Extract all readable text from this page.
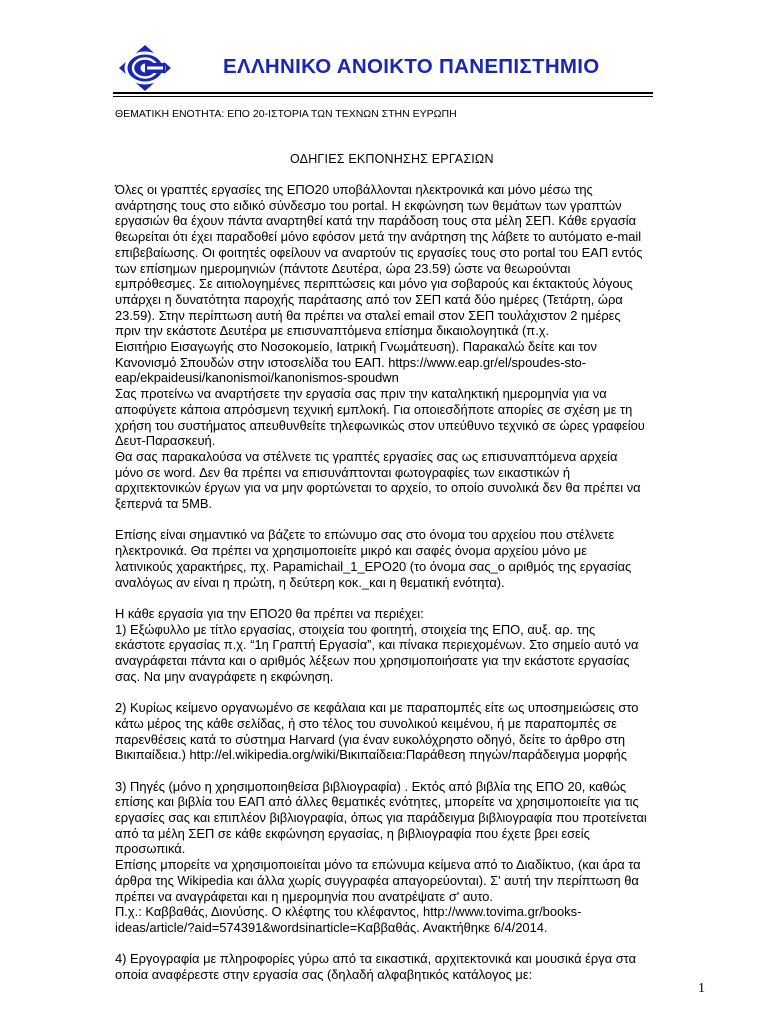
ΕΛΛΗΝΙΚΟ ΑΝΟΙΚΤΟ ΠΑΝΕΠΙΣΤΗΜΙΟ
ΘΕΜΑΤΙΚΗ ΕΝΟΤΗΤΑ: ΕΠΟ 20-ΙΣΤΟΡΙΑ ΤΩΝ ΤΕΧΝΩΝ ΣΤΗΝ ΕΥΡΩΠΗ
ΟΔΗΓΙΕΣ ΕΚΠΟΝΗΣΗΣ ΕΡΓΑΣΙΩΝ

Όλες οι γραπτές εργασίες της ΕΠΟ20 υποβάλλονται ηλεκτρονικά και μόνο μέσω της
ανάρτησης τους στο ειδικό σύνδεσμο του portal. Η εκφώνηση των θεμάτων των γραπτών
εργασιών θα έχουν πάντα αναρτηθεί κατά την παράδοση τους στα μέλη ΣΕΠ. Κάθε εργασία
θεωρείται ότι έχει παραδοθεί μόνο εφόσον μετά την ανάρτηση της λάβετε το αυτόματο e-mail
επιβεβαίωσης. Οι φοιτητές οφείλουν να αναρτούν τις εργασίες τους στο portal του ΕΑΠ εντός
των επίσημων ημερομηνιών (πάντοτε Δευτέρα, ώρα 23.59) ώστε να θεωρούνται
εμπρόθεσμες. Σε αιτιολογημένες περιπτώσεις και μόνο για σοβαρούς και έκτακτούς λόγους
υπάρχει η δυνατότητα παροχής παράτασης από τον ΣΕΠ κατά δύο ημέρες (Τετάρτη, ώρα
23.59). Στην περίπτωση αυτή θα πρέπει να σταλεί email στον ΣΕΠ τουλάχιστον 2 ημέρες
πριν την εκάστοτε Δευτέρα με επισυναπτόμενα επίσημα δικαιολογητικά (π.χ.
Εισιτήριο Εισαγωγής στο Νοσοκομείο, Ιατρική Γνωμάτευση). Παρακαλώ δείτε και τον
Κανονισμό Σπουδών στην ιστοσελίδα του ΕΑΠ. https://www.eap.gr/el/spoudes-sto-
eap/ekpaideusi/kanonismoi/kanonismos-spoudwn
Σας προτείνω να αναρτήσετε την εργασία σας πριν την καταληκτική ημερομηνία για να
αποφύγετε κάποια απρόσμενη τεχνική εμπλοκή. Για οποιεσδήποτε απορίες σε σχέση με τη
χρήση του συστήματος απευθυνθείτε τηλεφωνικώς στον υπεύθυνο τεχνικό σε ώρες γραφείου
Δευτ-Παρασκευή.
Θα σας παρακαλούσα να στέλνετε τις γραπτές εργασίες σας ως επισυναπτόμενα αρχεία
μόνο σε word. Δεν θα πρέπει να επισυνάπτονται φωτογραφίες των εικαστικών ή
αρχιτεκτονικών έργων για να μην φορτώνεται το αρχείο, το οποίο συνολικά δεν θα πρέπει να
ξεπερνά τα 5MB.

Επίσης είναι σημαντικό να βάζετε το επώνυμο σας στο όνομα του αρχείου που στέλνετε
ηλεκτρονικά. Θα πρέπει να χρησιμοποιείτε μικρό και σαφές όνομα αρχείου μόνο με
λατινικούς χαρακτήρες, πχ. Papamichail_1_EPO20 (το όνομα σας_ο αριθμός της εργασίας
αναλόγως αν είναι η πρώτη, η δεύτερη κοκ._και η θεματική ενότητα).

Η κάθε εργασία για την ΕΠΟ20 θα πρέπει να περιέχει:
1) Εξώφυλλο με τίτλο εργασίας, στοιχεία του φοιτητή, στοιχεία της ΕΠΟ, αυξ. αρ. της
εκάστοτε εργασίας π.χ. “1η Γραπτή Εργασία”, και πίνακα περιεχομένων. Στο σημείο αυτό να
αναγράφεται πάντα και ο αριθμός λέξεων που χρησιμοποιήσατε για την εκάστοτε εργασίας
σας. Να μην αναγράφετε η εκφώνηση.

2) Κυρίως κείμενο οργανωμένο σε κεφάλαια και με παραπομπές είτε ως υποσημειώσεις στο
κάτω μέρος της κάθε σελίδας, ή στο τέλος του συνολικού κειμένου, ή με παραπομπές σε
παρενθέσεις κατά το σύστημα Harvard (για έναν ευκολόχρηστο οδηγό, δείτε το άρθρο στη
Βικιπαίδεια.) http://el.wikipedia.org/wiki/Βικιπαίδεια:Παράθεση πηγών/παράδειγμα μορφής

3) Πηγές (μόνο η χρησιμοποιηθείσα βιβλιογραφία) . Εκτός από βιβλία της ΕΠΟ 20, καθώς
επίσης και βιβλία του ΕΑΠ από άλλες θεματικές ενότητες, μπορείτε να χρησιμοποιείτε για τις
εργασίες σας και επιπλέον βιβλιογραφία, όπως για παράδειγμα βιβλιογραφία που προτείνεται
από τα μέλη ΣΕΠ σε κάθε εκφώνηση εργασίας, η βιβλιογραφία που έχετε βρει εσείς
προσωπικά.
Επίσης μπορείτε να χρησιμοποιείται μόνο τα επώνυμα κείμενα από το Διαδίκτυο, (και άρα τα
άρθρα της Wikipedia και άλλα χωρίς συγγραφέα απαγορεύονται). Σ' αυτή την περίπτωση θα
πρέπει να αναγράφεται και η ημερομηνία που ανατρέψατε σ' αυτο.
Π.χ.: Καββαθάς, Διονύσης. Ο κλέφτης του κλέφαντος, http://www.tovima.gr/books-
ideas/article/?aid=574391&wordsinarticle=Καββαθάς. Ανακτήθηκε 6/4/2014.

4) Εργογραφία με πληροφορίες γύρω από τα εικαστικά, αρχιτεκτονικά και μουσικά έργα στα
οποία αναφέρεστε στην εργασία σας (δηλαδή αλφαβητικός κατάλογος με:

1
